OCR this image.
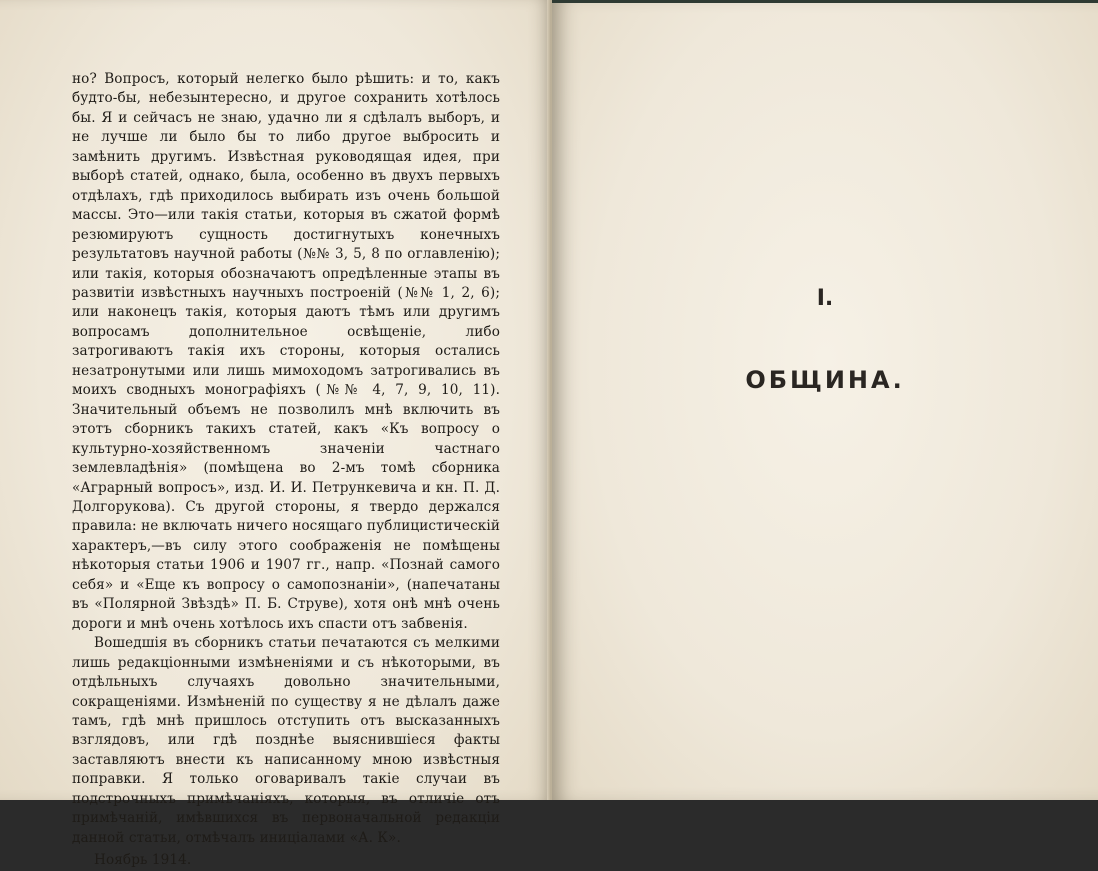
но? Вопросъ, который нелегко было рѣшить: и то, какъ будто-бы, небезынтересно, и другое сохранить хотѣлось бы. Я и сейчасъ не знаю, удачно ли я сдѣлалъ выборъ, и не лучше ли было бы то либо другое выбросить и замѣнить другимъ. Извѣстная руководящая идея, при выборѣ статей, однако, была, особенно въ двухъ первыхъ отдѣлахъ, гдѣ приходилось выбирать изъ очень большой массы. Это—или такія статьи, которыя въ сжатой формѣ резюмируютъ сущность достигнутыхъ конечныхъ результатовъ научной работы (№№ 3, 5, 8 по оглавленію); или такія, которыя обозначаютъ опредѣленные этапы въ развитіи извѣстныхъ научныхъ построеній (№№ 1, 2, 6); или наконецъ такія, которыя даютъ тѣмъ или другимъ вопросамъ дополнительное освѣщеніе, либо затрогиваютъ такія ихъ стороны, которыя остались незатронутыми или лишь мимоходомъ затрогивались въ моихъ сводныхъ монографіяхъ (№№ 4, 7, 9, 10, 11). Значительный объемъ не позволилъ мнѣ включить въ этотъ сборникъ такихъ статей, какъ «Къ вопросу о культурно-хозяйственномъ значеніи частнаго землевладѣнія» (помѣщена во 2-мъ томѣ сборника «Аграрный вопросъ», изд. И. И. Петрункевича и кн. П. Д. Долгорукова). Съ другой стороны, я твердо держался правила: не включать ничего носящаго публицистическій характеръ,—въ силу этого соображенія не помѣщены нѣкоторыя статьи 1906 и 1907 гг., напр. «Познай самого себя» и «Еще къ вопросу о самопознаніи», (напечатаны въ «Полярной Звѣздѣ» П. Б. Струве), хотя онѣ мнѣ очень дороги и мнѣ очень хотѣлось ихъ спасти отъ забвенія.

Вошедшія въ сборникъ статьи печатаются съ мелкими лишь редакціонными измѣненіями и съ нѣкоторыми, въ отдѣльныхъ случаяхъ довольно значительными, сокращеніями. Измѣненій по существу я не дѣлалъ даже тамъ, гдѣ мнѣ пришлось отступить отъ высказанныхъ взглядовъ, или гдѣ позднѣе выяснившіеся факты заставляютъ внести къ написанному мною извѣстныя поправки. Я только оговаривалъ такіе случаи въ подстрочныхъ примѣчаніяхъ, которыя, въ отличіе отъ примѣчаній, имѣвшихся въ первоначальной редакціи данной статьи, отмѣчалъ иниціалами «А. К».

Ноябрь 1914.

I.
ОБЩИНА.
